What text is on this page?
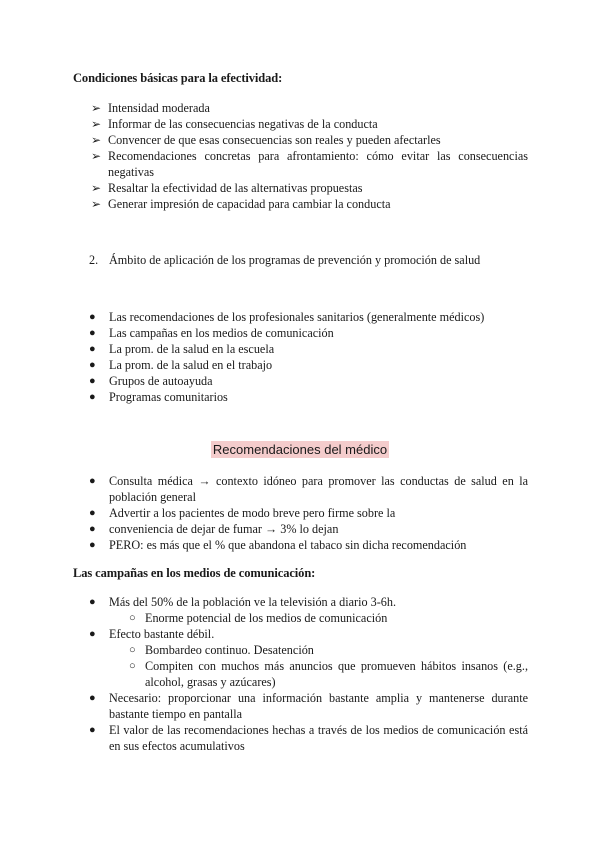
Condiciones básicas para la efectividad:
➢ Intensidad moderada
➢ Informar de las consecuencias negativas de la conducta
➢ Convencer de que esas consecuencias son reales y pueden afectarles
➢ Recomendaciones concretas para afrontamiento: cómo evitar las consecuencias negativas
➢ Resaltar la efectividad de las alternativas propuestas
➢ Generar impresión de capacidad para cambiar la conducta
2. Ámbito de aplicación de los programas de prevención y promoción de salud
●	Las recomendaciones de los profesionales sanitarios (generalmente médicos)
●	Las campañas en los medios de comunicación
●	La prom. de la salud en la escuela
●	La prom. de la salud en el trabajo
●	Grupos de autoayuda
●	Programas comunitarios
Recomendaciones del médico
●	Consulta médica → contexto idóneo para promover las conductas de salud en la población general
●	Advertir a los pacientes de modo breve pero firme sobre la
●	conveniencia de dejar de fumar → 3% lo dejan
●	PERO: es más que el % que abandona el tabaco sin dicha recomendación
Las campañas en los medios de comunicación:
●	Más del 50% de la población ve la televisión a diario 3-6h.
○ Enorme potencial de los medios de comunicación
●	Efecto bastante débil.
○ Bombardeo continuo. Desatención
○ Compiten con muchos más anuncios que promueven hábitos insanos (e.g., alcohol, grasas y azúcares)
●	Necesario: proporcionar una información bastante amplia y mantenerse durante bastante tiempo en pantalla
●	El valor de las recomendaciones hechas a través de los medios de comunicación está en sus efectos acumulativos
